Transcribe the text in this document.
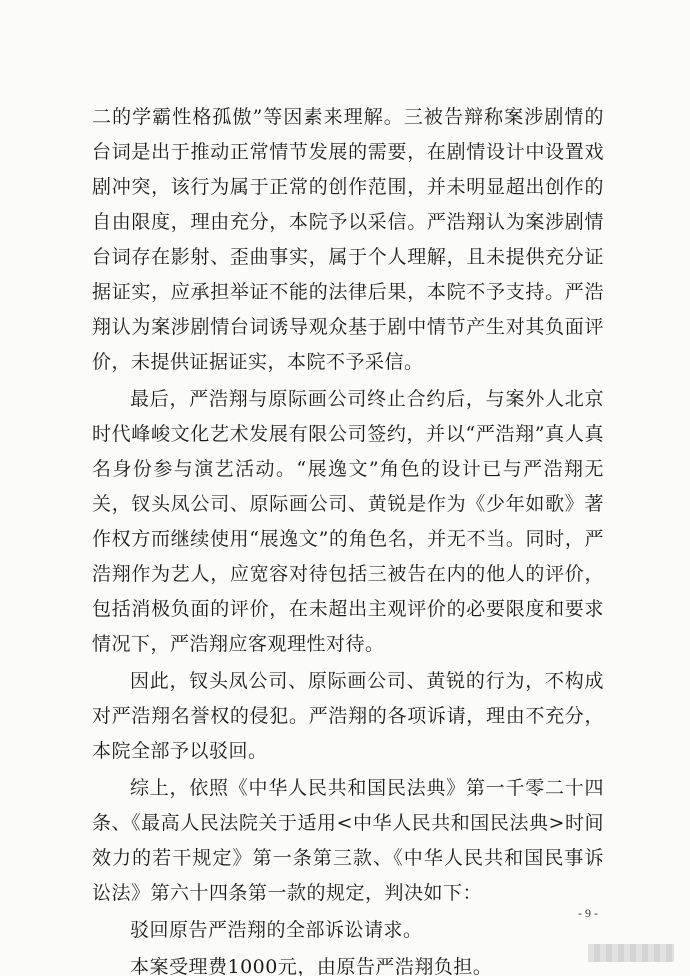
二的学霸性格孤傲”等因素来理解。三被告辩称案涉剧情的台词是出于推动正常情节发展的需要，在剧情设计中设置戏剧冲突，该行为属于正常的创作范围，并未明显超出创作的自由限度，理由充分，本院予以采信。严浩翔认为案涉剧情台词存在影射、歪曲事实，属于个人理解，且未提供充分证据证实，应承担举证不能的法律后果，本院不予支持。严浩翔认为案涉剧情台词诱导观众基于剧中情节产生对其负面评价，未提供证据证实，本院不予采信。

最后，严浩翔与原际画公司终止合约后，与案外人北京时代峰峻文化艺术发展有限公司签约，并以“严浩翔”真人真名身份参与演艺活动。“展逸文”角色的设计已与严浩翔无关，钗头凤公司、原际画公司、黄锐是作为《少年如歌》著作权方而继续使用“展逸文”的角色名，并无不当。同时，严浩翔作为艺人，应宽容对待包括三被告在内的他人的评价，包括消极负面的评价，在未超出主观评价的必要限度和要求情况下，严浩翔应客观理性对待。

因此，钗头凤公司、原际画公司、黄锐的行为，不构成对严浩翔名誉权的侵犯。严浩翔的各项诉请，理由不充分，本院全部予以驳回。

综上，依照《中华人民共和国民法典》第一千零二十四条、《最高人民法院关于适用<中华人民共和国民法典>时间效力的若干规定》第一条第三款、《中华人民共和国民事诉讼法》第六十四条第一款的规定，判决如下：

驳回原告严浩翔的全部诉讼请求。

本案受理费1000元，由原告严浩翔负担。

- 9 -
